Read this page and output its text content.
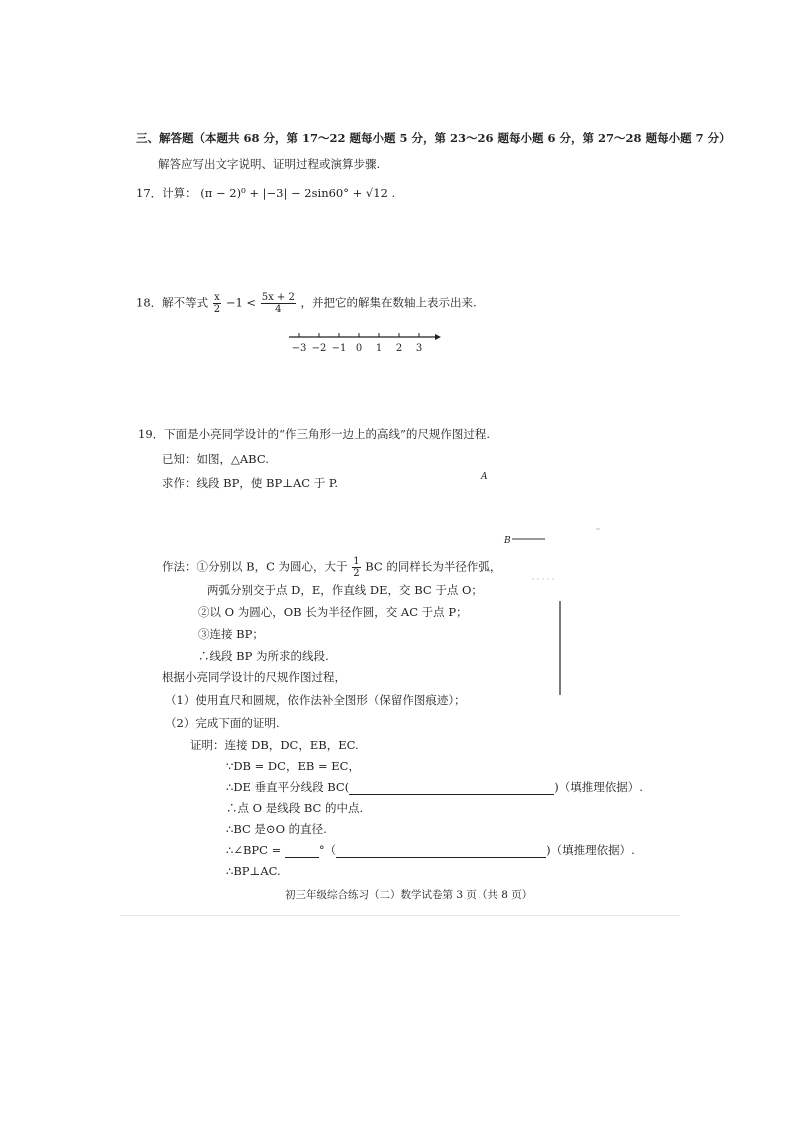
三、解答题（本题共 68 分，第 17～22 题每小题 5 分，第 23～26 题每小题 6 分，第 27～28 题每小题 7 分）
解答应写出文字说明、证明过程或演算步骤.
17．计算： (π − 2)⁰ + |−3| − 2sin60° + √12 .
18．解不等式 $\frac{x}{2} -1 < \frac{5x + 2}{4}$ ，并把它的解集在数轴上表示出来.
−3 −2 −1 0 1 2 3
19．下面是小亮同学设计的“作三角形一边上的高线”的尺规作图过程.
已知：如图，△ABC.
求作：线段 BP，使 BP⊥AC 于 P.	A
B
作法：①分别以 B，C 为圆心，大于 $\frac{1}{2}$ BC 的同样长为半径作弧，
两弧分别交于点 D，E，作直线 DE，交 BC 于点 O；
②以 O 为圆心，OB 长为半径作圆，交 AC 于点 P；
③连接 BP；
∴线段 BP 为所求的线段.
根据小亮同学设计的尺规作图过程，
（1）使用直尺和圆规，依作法补全图形（保留作图痕迹）；
（2）完成下面的证明.
证明：连接 DB，DC，EB，EC.
∵DB = DC，EB = EC，
∴DE 垂直平分线段 BC(	)（填推理依据）.
∴点 O 是线段 BC 的中点.
∴BC 是⊙O 的直径.
∴∠BPC =	°（	)（填推理依据）.
∴BP⊥AC.
初三年级综合练习（二）数学试卷第 3 页（共 8 页）
